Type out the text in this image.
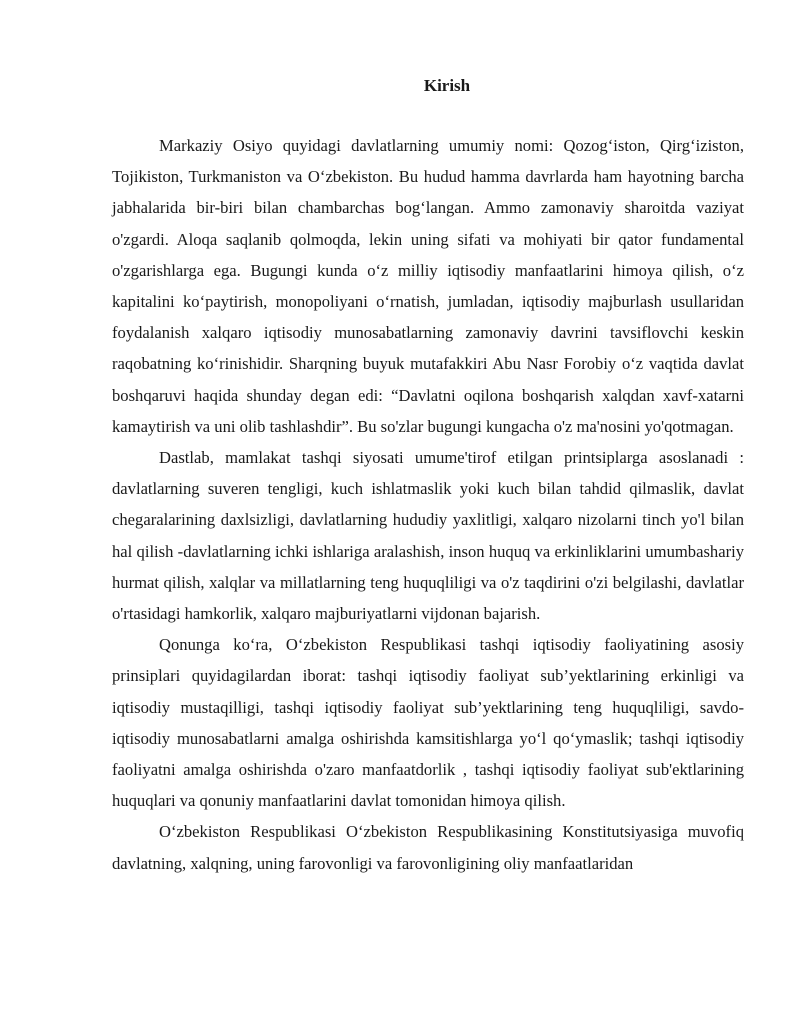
Kirish

Markaziy Osiyo quyidagi davlatlarning umumiy nomi: Qozog‘iston, Qirg‘iziston, Tojikiston, Turkmaniston va O‘zbekiston. Bu hudud hamma davrlarda ham hayotning barcha jabhalarida bir-biri bilan chambarchas bog‘langan. Ammo zamonaviy sharoitda vaziyat o'zgardi. Aloqa saqlanib qolmoqda, lekin uning sifati va mohiyati bir qator fundamental o'zgarishlarga ega. Bugungi kunda o‘z milliy iqtisodiy manfaatlarini himoya qilish, o‘z kapitalini ko‘paytirish, monopoliyani o‘rnatish, jumladan, iqtisodiy majburlash usullaridan foydalanish xalqaro iqtisodiy munosabatlarning zamonaviy davrini tavsiflovchi keskin raqobatning ko‘rinishidir. Sharqning buyuk mutafakkiri Abu Nasr Forobiy o‘z vaqtida davlat boshqaruvi haqida shunday degan edi: “Davlatni oqilona boshqarish xalqdan xavf-xatarni kamaytirish va uni olib tashlashdir”. Bu so'zlar bugungi kungacha o'z ma'nosini yo'qotmagan.

Dastlab, mamlakat tashqi siyosati umume'tirof etilgan printsiplarga asoslanadi : davlatlarning suveren tengligi, kuch ishlatmaslik yoki kuch bilan tahdid qilmaslik, davlat chegaralarining daxlsizligi, davlatlarning hududiy yaxlitligi, xalqaro nizolarni tinch yo'l bilan hal qilish -davlatlarning ichki ishlariga aralashish, inson huquq va erkinliklarini umumbashariy hurmat qilish, xalqlar va millatlarning teng huquqliligi va o'z taqdirini o'zi belgilashi, davlatlar o'rtasidagi hamkorlik, xalqaro majburiyatlarni vijdonan bajarish.

Qonunga ko‘ra, O‘zbekiston Respublikasi tashqi iqtisodiy faoliyatining asosiy prinsiplari quyidagilardan iborat: tashqi iqtisodiy faoliyat sub’yektlarining erkinligi va iqtisodiy mustaqilligi, tashqi iqtisodiy faoliyat sub’yektlarining teng huquqliligi, savdo-iqtisodiy munosabatlarni amalga oshirishda kamsitishlarga yo‘l qo‘ymaslik; tashqi iqtisodiy faoliyatni amalga oshirishda o'zaro manfaatdorlik , tashqi iqtisodiy faoliyat sub'ektlarining huquqlari va qonuniy manfaatlarini davlat tomonidan himoya qilish.

O‘zbekiston Respublikasi O‘zbekiston Respublikasining Konstitutsiyasiga muvofiq davlatning, xalqning, uning farovonligi va farovonligining oliy manfaatlaridan
